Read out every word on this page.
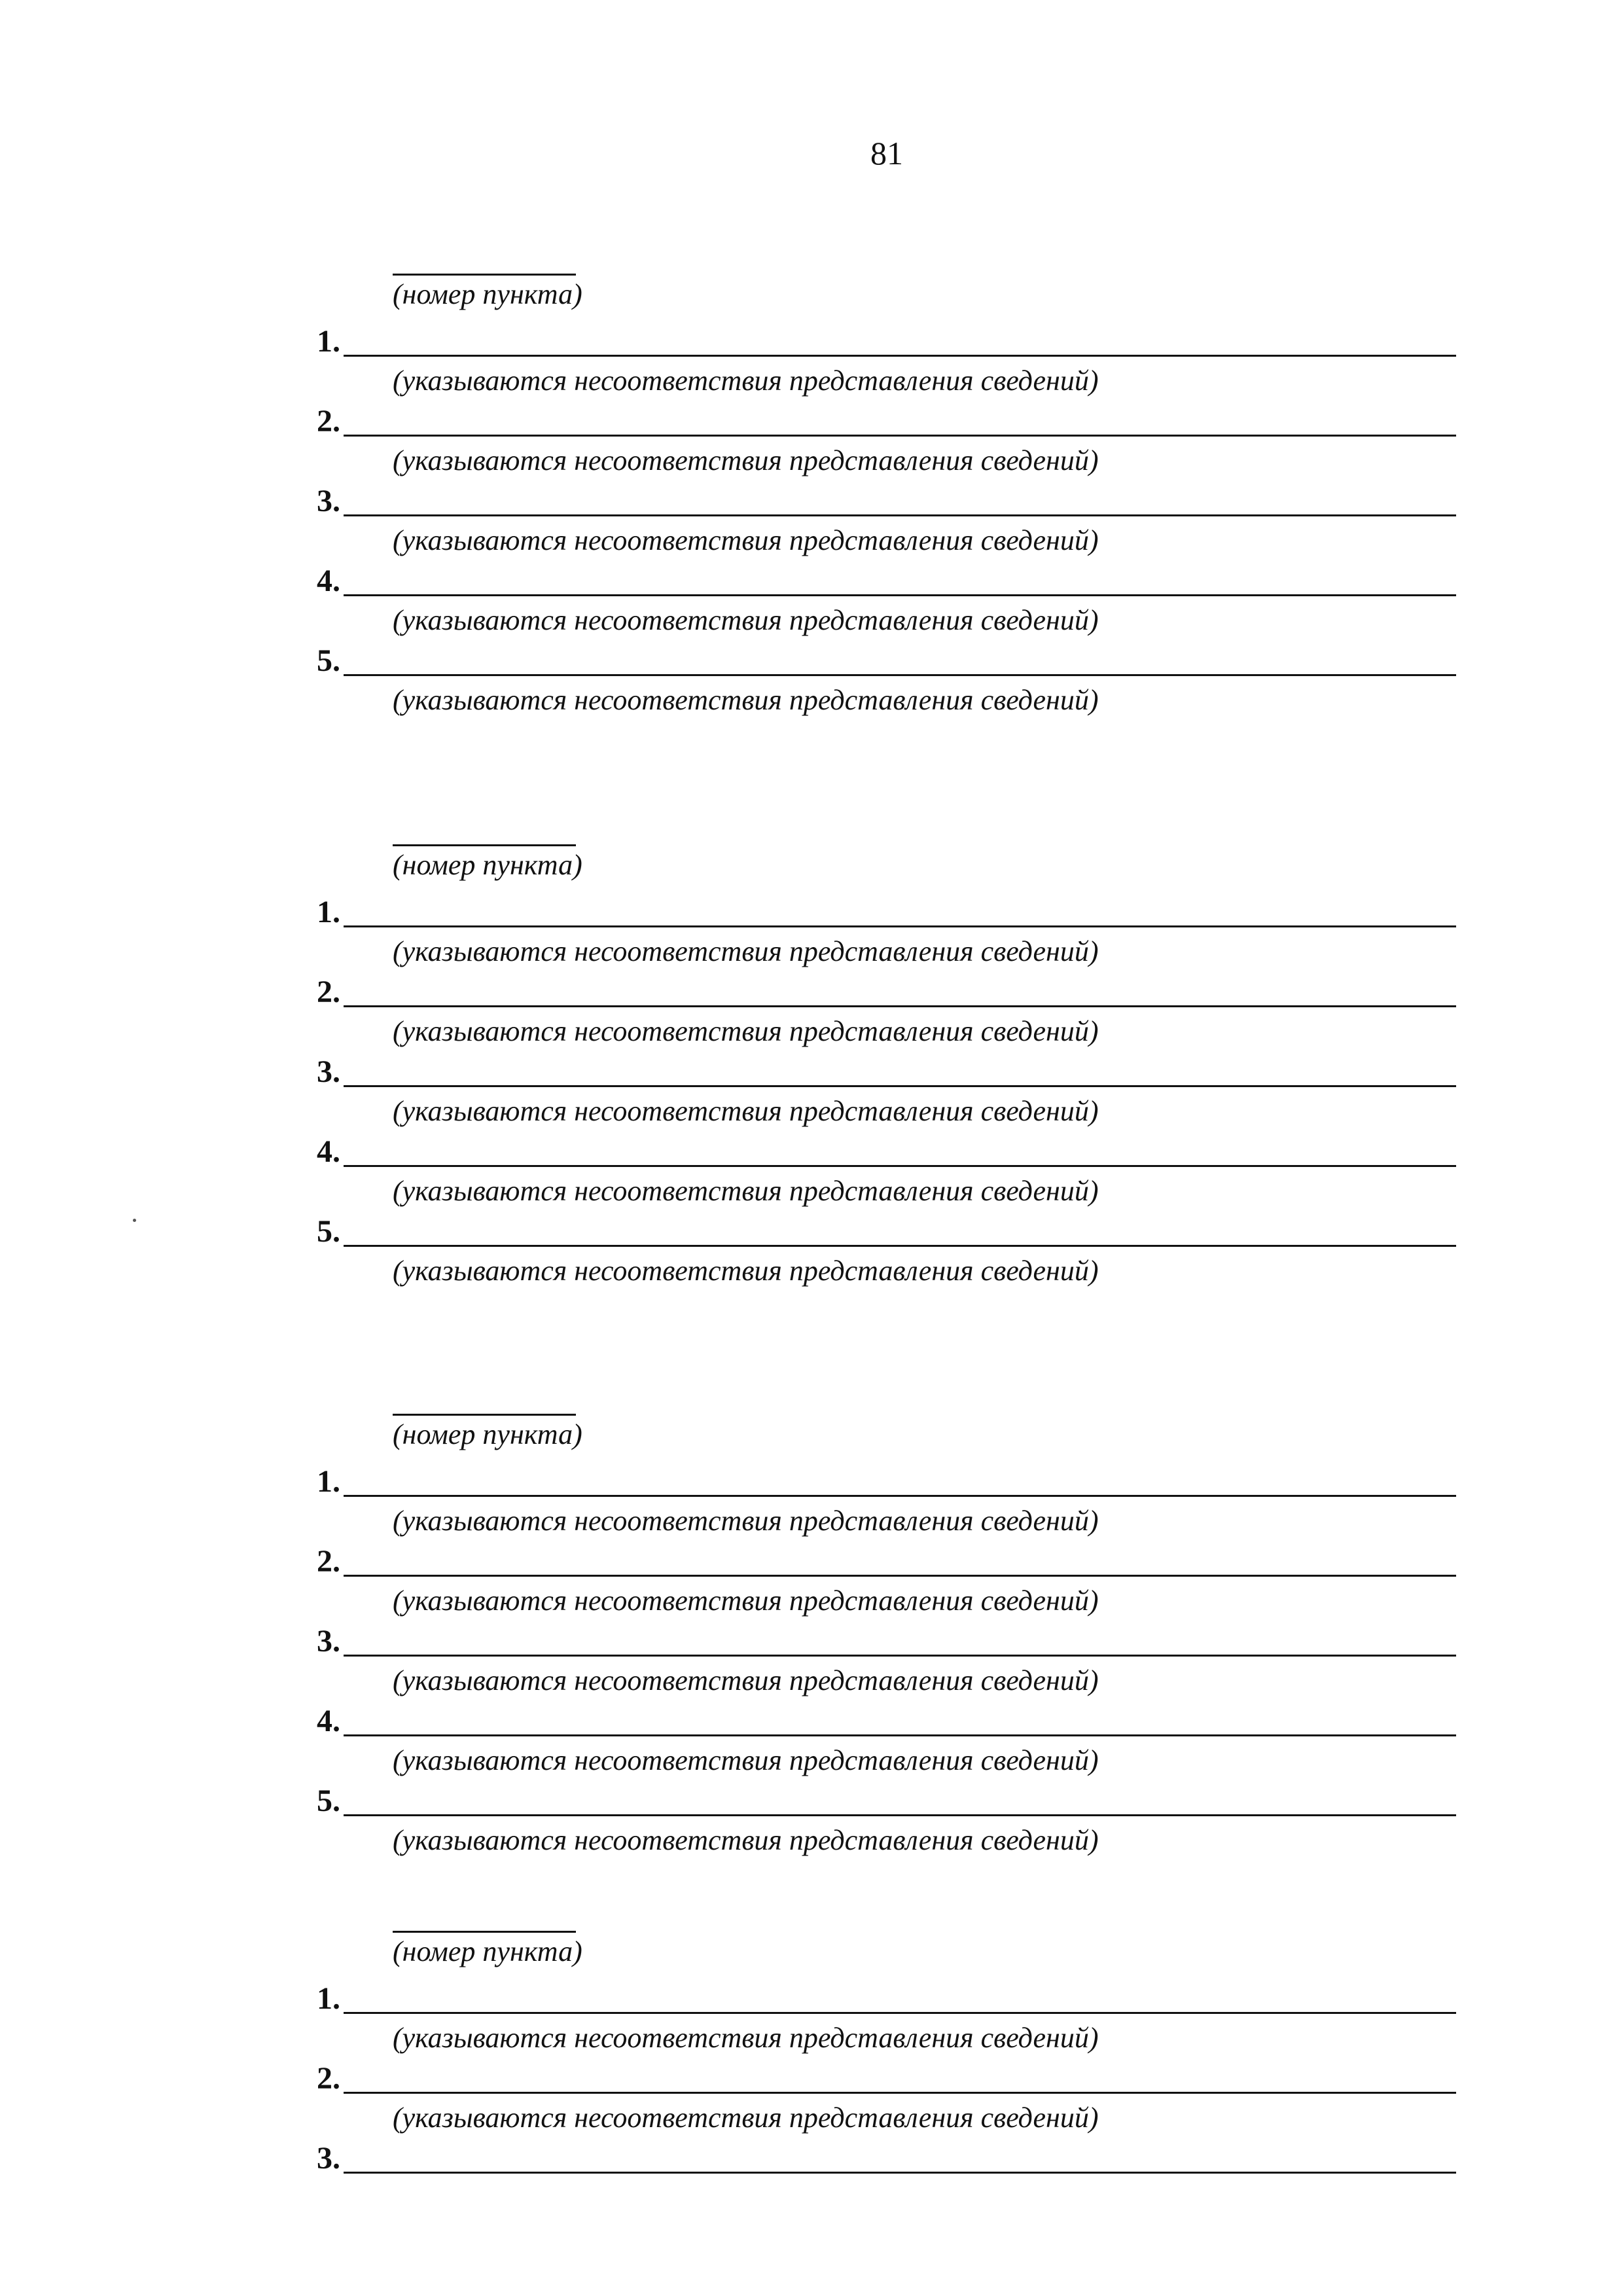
81
(номер пункта)
1.
(указываются несоответствия представления сведений)
2.
(указываются несоответствия представления сведений)
3.
(указываются несоответствия представления сведений)
4.
(указываются несоответствия представления сведений)
5.
(указываются несоответствия представления сведений)
(номер пункта)
1.
(указываются несоответствия представления сведений)
2.
(указываются несоответствия представления сведений)
3.
(указываются несоответствия представления сведений)
4.
(указываются несоответствия представления сведений)
5.
(указываются несоответствия представления сведений)
(номер пункта)
1.
(указываются несоответствия представления сведений)
2.
(указываются несоответствия представления сведений)
3.
(указываются несоответствия представления сведений)
4.
(указываются несоответствия представления сведений)
5.
(указываются несоответствия представления сведений)
(номер пункта)
1.
(указываются несоответствия представления сведений)
2.
(указываются несоответствия представления сведений)
3.
